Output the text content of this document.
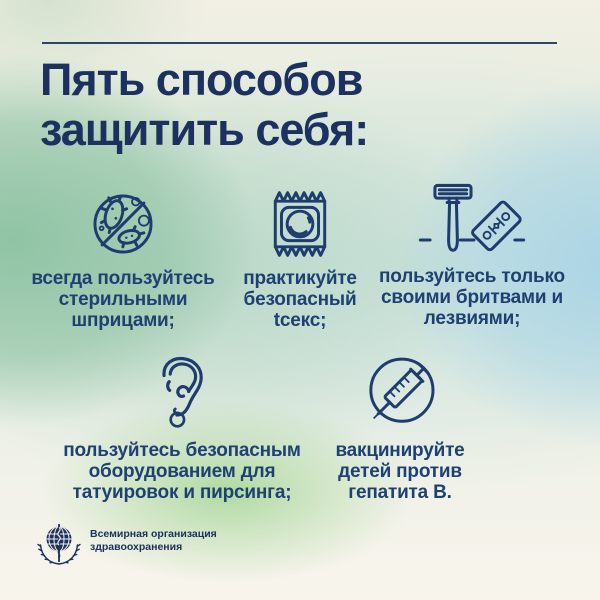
Пять способов
защитить себя:
всегда пользуйтесь
стерильными
шприцами;
практикуйте
безопасный
tсекс;
пользуйтесь только
своими бритвами и
лезвиями;
пользуйтесь безопасным
оборудованием для
татуировок и пирсинга;
вакцинируйте
детей против
гепатита В.
Всемирная организация
здравоохранения
